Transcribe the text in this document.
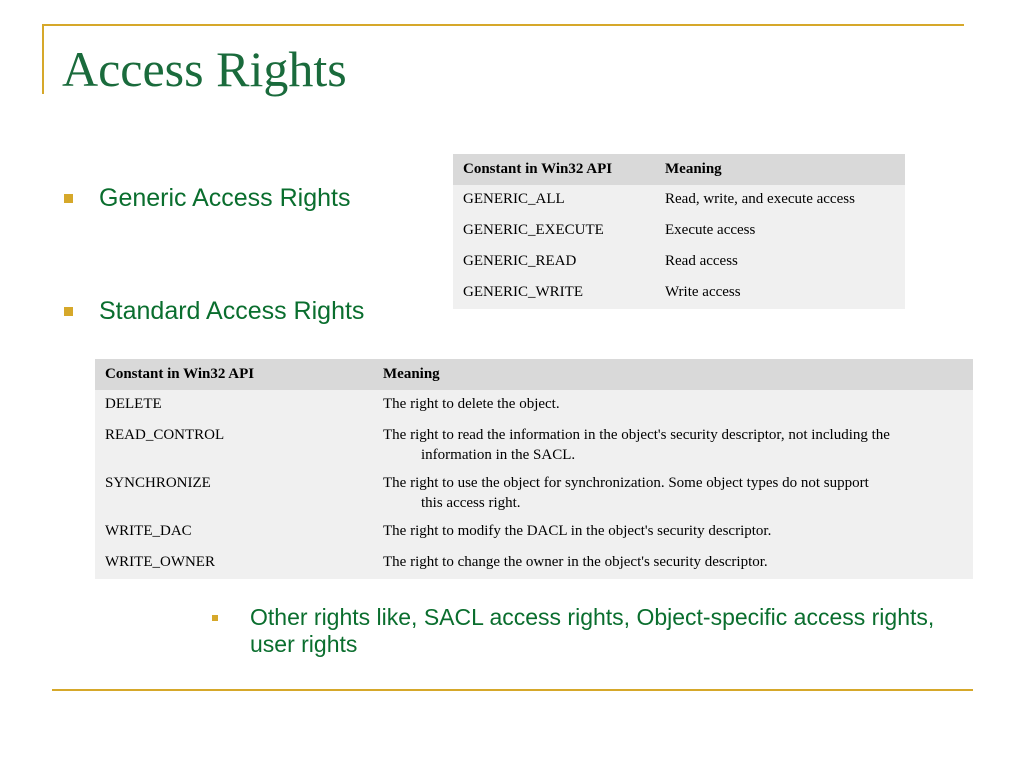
Access Rights
Generic Access Rights
Standard Access Rights
Constant in Win32 API	Meaning
GENERIC_ALL	Read, write, and execute access
GENERIC_EXECUTE	Execute access
GENERIC_READ	Read access
GENERIC_WRITE	Write access
Constant in Win32 API	Meaning
DELETE	The right to delete the object.
READ_CONTROL	The right to read the information in the object's security descriptor, not including the
information in the SACL.

SYNCHRONIZE	The right to use the object for synchronization. Some object types do not support
this access right.

WRITE_DAC	The right to modify the DACL in the object's security descriptor.
WRITE_OWNER	The right to change the owner in the object's security descriptor.
Other rights like, SACL access rights, Object-specific access rights, user rights
